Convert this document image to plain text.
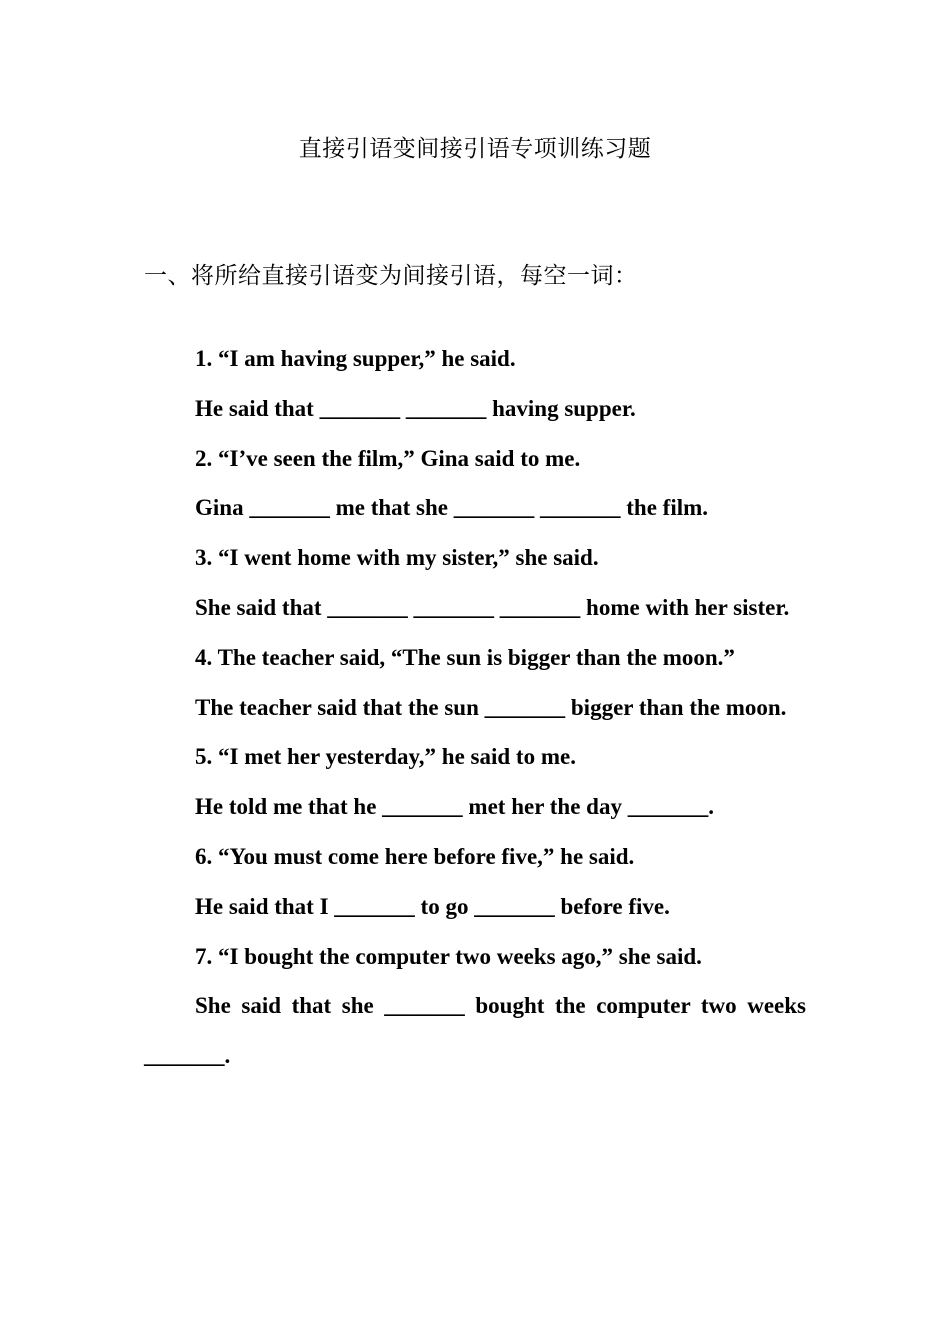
直接引语变间接引语专项训练习题
一、将所给直接引语变为间接引语，每空一词：

1. “I am having supper,” he said.

He said that _______ _______ having supper.

2. “I’ve seen the film,” Gina said to me.

Gina _______ me that she _______ _______ the film.

3. “I went home with my sister,” she said.

She said that _______ _______ _______ home with her sister.

4. The teacher said, “The sun is bigger than the moon.”

The teacher said that the sun _______ bigger than the moon.

5. “I met her yesterday,” he said to me.

He told me that he _______ met her the day _______.

6. “You must come here before five,” he said.

He said that I _______ to go _______ before five.

7. “I bought the computer two weeks ago,” she said.

She said that she _______ bought the computer two weeks _______.
